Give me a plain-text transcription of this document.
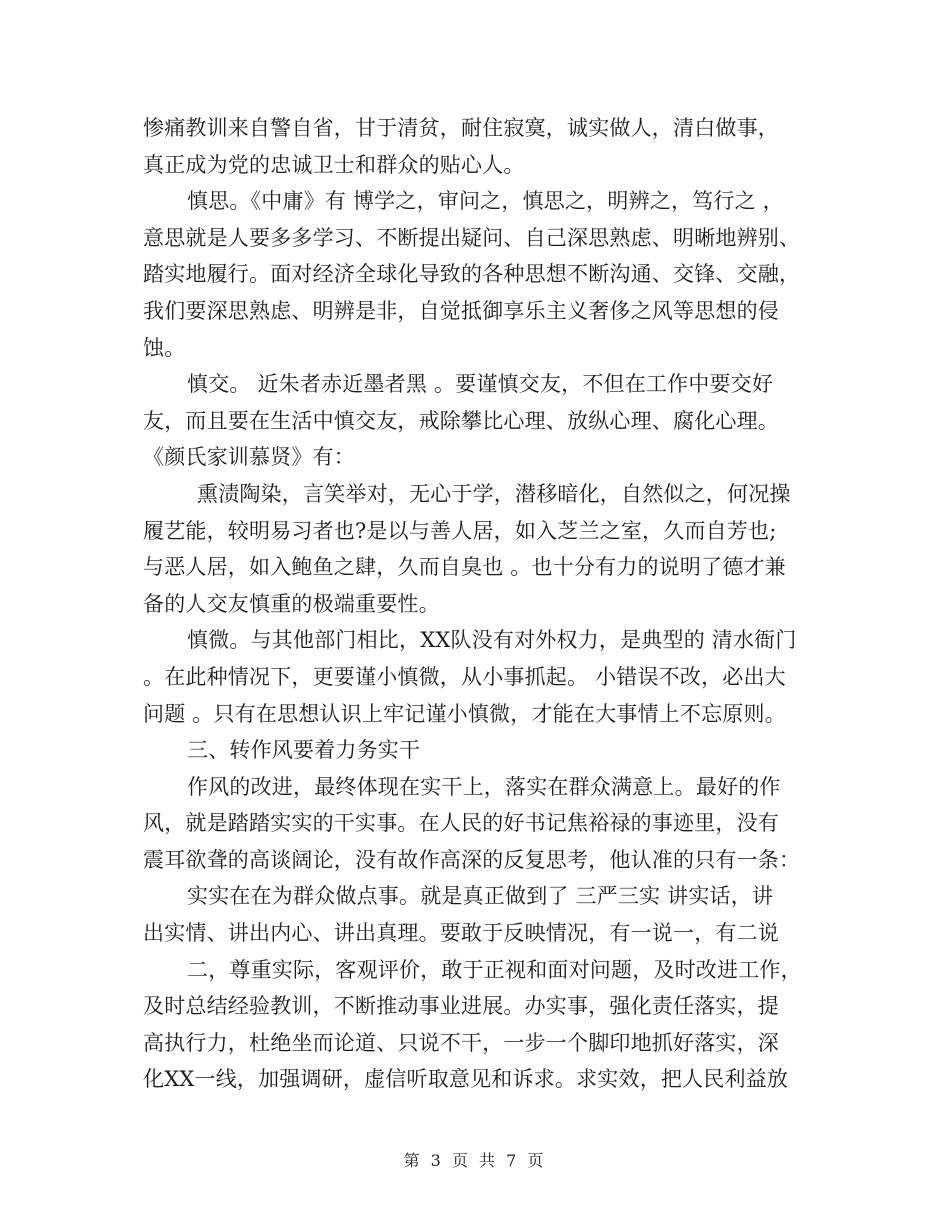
惨痛教训来自警自省，甘于清贫，耐住寂寞，诚实做人，清白做事，
真正成为党的忠诚卫士和群众的贴心人。
慎思。《中庸》有 博学之，审问之，慎思之，明辨之，笃行之 ，
意思就是人要多多学习、不断提出疑问、自己深思熟虑、明晰地辨别、
踏实地履行。面对经济全球化导致的各种思想不断沟通、交锋、交融，
我们要深思熟虑、明辨是非，自觉抵御享乐主义奢侈之风等思想的侵
蚀。
慎交。 近朱者赤近墨者黑 。要谨慎交友，不但在工作中要交好
友，而且要在生活中慎交友，戒除攀比心理、放纵心理、腐化心理。
《颜氏家训慕贤》有：
熏渍陶染，言笑举对，无心于学，潜移暗化，自然似之，何况操
履艺能，较明易习者也?是以与善人居，如入芝兰之室，久而自芳也;
与恶人居，如入鲍鱼之肆，久而自臭也 。也十分有力的说明了德才兼
备的人交友慎重的极端重要性。
慎微。与其他部门相比，XX队没有对外权力，是典型的 清水衙门
。在此种情况下，更要谨小慎微，从小事抓起。 小错误不改，必出大
问题 。只有在思想认识上牢记谨小慎微，才能在大事情上不忘原则。
三、转作风要着力务实干
作风的改进，最终体现在实干上，落实在群众满意上。最好的作
风，就是踏踏实实的干实事。在人民的好书记焦裕禄的事迹里，没有
震耳欲聋的高谈阔论，没有故作高深的反复思考，他认准的只有一条：
实实在在为群众做点事。就是真正做到了 三严三实 讲实话，讲
出实情、讲出内心、讲出真理。要敢于反映情况，有一说一，有二说
二，尊重实际，客观评价，敢于正视和面对问题，及时改进工作，
及时总结经验教训，不断推动事业进展。办实事，强化责任落实，提
高执行力，杜绝坐而论道、只说不干，一步一个脚印地抓好落实，深
化XX一线，加强调研，虚信听取意见和诉求。求实效，把人民利益放
第 3 页 共 7 页
